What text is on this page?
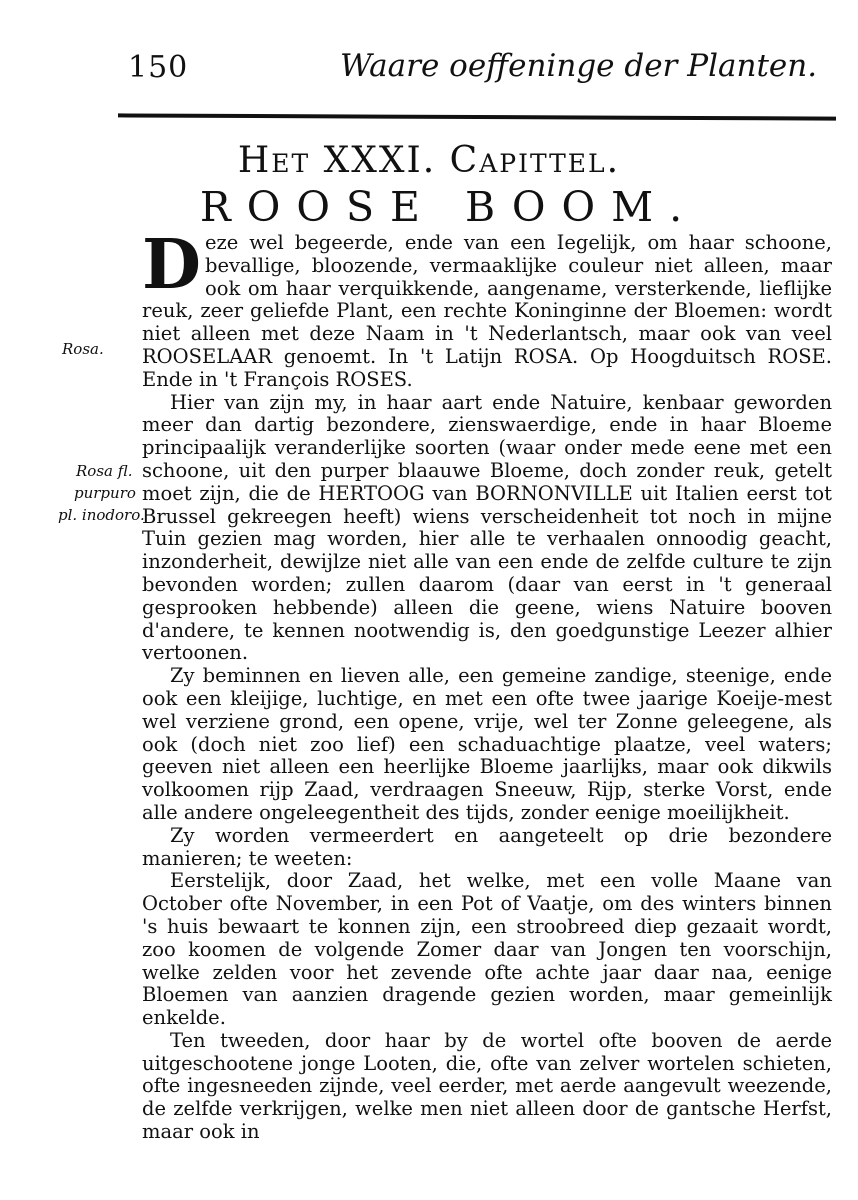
150	Waare oeffeninge der Planten.
Het XXXI. Capittel.
ROOSE BOOM.
Rosa.
Rosa fl.
purpuro
pl. inodoro.

D eze wel begeerde, ende van een Iegelijk, om haar schoone, bevallige, bloozende, vermaaklijke couleur niet alleen, maar ook om haar verquikkende, aangename, versterkende, lieflijke reuk, zeer geliefde Plant, een rechte Koninginne der Bloemen: wordt niet alleen met deze Naam in 't Nederlantsch, maar ook van veel ROOSELAAR genoemt. In 't Latijn ROSA. Op Hoogduitsch ROSE. Ende in 't François ROSES.

Hier van zijn my, in haar aart ende Natuire, kenbaar geworden meer dan dartig bezondere, zienswaerdige, ende in haar Bloeme principaalijk veranderlijke soorten (waar onder mede eene met een schoone, uit den purper blaauwe Bloeme, doch zonder reuk, getelt moet zijn, die de HERTOOG van BORNONVILLE uit Italien eerst tot Brussel gekreegen heeft) wiens verscheidenheit tot noch in mijne Tuin gezien mag worden, hier alle te verhaalen onnoodig geacht, inzonderheit, dewijlze niet alle van een ende de zelfde culture te zijn bevonden worden; zullen daarom (daar van eerst in 't generaal gesprooken hebbende) alleen die geene, wiens Natuire booven d'andere, te kennen nootwendig is, den goedgunstige Leezer alhier vertoonen.

Zy beminnen en lieven alle, een gemeine zandige, steenige, ende ook een kleijige, luchtige, en met een ofte twee jaarige Koeije-mest wel verziene grond, een opene, vrije, wel ter Zonne geleegene, als ook (doch niet zoo lief) een schaduachtige plaatze, veel waters; geeven niet alleen een heerlijke Bloeme jaarlijks, maar ook dikwils volkoomen rijp Zaad, verdraagen Sneeuw, Rijp, sterke Vorst, ende alle andere ongeleegentheit des tijds, zonder eenige moeilijkheit.

Zy worden vermeerdert en aangeteelt op drie bezondere manieren; te weeten:

Eerstelijk, door Zaad, het welke, met een volle Maane van October ofte November, in een Pot of Vaatje, om des winters binnen 's huis bewaart te konnen zijn, een stroobreed diep gezaait wordt, zoo koomen de volgende Zomer daar van Jongen ten voorschijn, welke zelden voor het zevende ofte achte jaar daar naa, eenige Bloemen van aanzien dragende gezien worden, maar gemeinlijk enkelde.

Ten tweeden, door haar by de wortel ofte booven de aerde uitgeschootene jonge Looten, die, ofte van zelver wortelen schieten, ofte ingesneeden zijnde, veel eerder, met aerde aangevult weezende, de zelfde verkrijgen, welke men niet alleen door de gantsche Herfst, maar ook in
